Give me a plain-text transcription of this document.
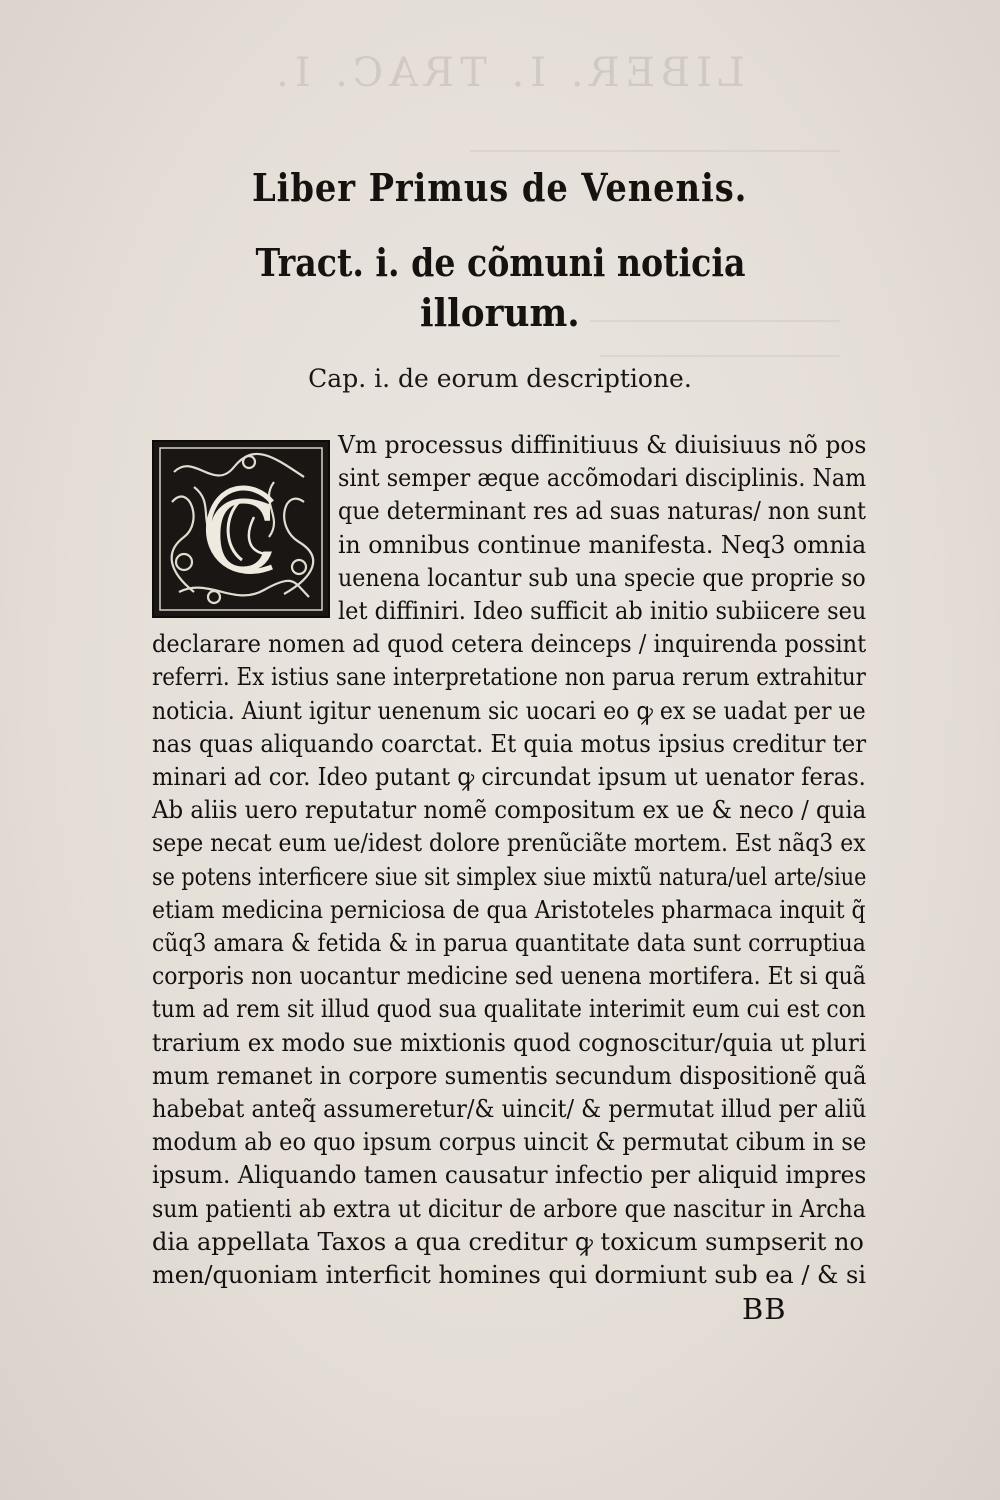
LIBER. I. TRAC. I.
Liber Primus de Venenis.
Tract. i. de cõmuni noticia
illorum.
Cap. i. de eorum descriptione.
C
Vm processus diffinitiuus & diuisiuus nõ pos
sint semper æque accõmodari disciplinis. Nam
que determinant res ad suas naturas/ non sunt
in omnibus continue manifesta. Neq3 omnia
uenena locantur sub una specie que proprie so
let diffiniri. Ideo sufficit ab initio subiicere seu
declarare nomen ad quod cetera deinceps / inquirenda possint
referri. Ex istius sane interpretatione non parua rerum extrahitur
noticia. Aiunt igitur uenenum sic uocari eo ꝙ ex se uadat per ue
nas quas aliquando coarctat. Et quia motus ipsius creditur ter
minari ad cor. Ideo putant ꝙ circundat ipsum ut uenator feras.
Ab aliis uero reputatur nomẽ compositum ex ue & neco / quia
sepe necat eum ue/idest dolore prenũciãte mortem. Est nãq3 ex
se potens interficere siue sit simplex siue mixtũ natura/uel arte/siue
etiam medicina perniciosa de qua Aristoteles pharmaca inquit q̃
cũq3 amara & fetida & in parua quantitate data sunt corruptiua
corporis non uocantur medicine sed uenena mortifera. Et si quã
tum ad rem sit illud quod sua qualitate interimit eum cui est con
trarium ex modo sue mixtionis quod cognoscitur/quia ut pluri
mum remanet in corpore sumentis secundum dispositionẽ quã
habebat anteq̃ assumeretur/& uincit/ & permutat illud per aliũ
modum ab eo quo ipsum corpus uincit & permutat cibum in se
ipsum. Aliquando tamen causatur infectio per aliquid impres
sum patienti ab extra ut dicitur de arbore que nascitur in Archa
dia appellata Taxos a qua creditur ꝙ toxicum sumpserit no
men/quoniam interficit homines qui dormiunt sub ea / & si
BB
